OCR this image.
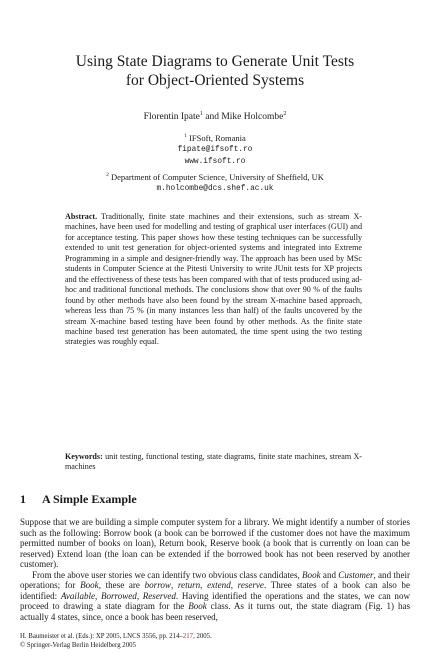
Using State Diagrams to Generate Unit Tests
for Object-Oriented Systems
Florentin Ipate$^1$ and Mike Holcombe$^2$
$^1$ IFSoft, Romania
fipate@ifsoft.ro
www.ifsoft.ro
$^2$ Department of Computer Science, University of Sheffield, UK
m.holcombe@dcs.shef.ac.uk
Abstract. Traditionally, finite state machines and their extensions, such as stream X-machines, have been used for modelling and testing of graphical user interfaces (GUI) and for acceptance testing. This paper shows how these testing techniques can be successfully extended to unit test generation for object-oriented systems and integrated into Extreme Programming in a simple and designer-friendly way. The approach has been used by MSc students in Computer Science at the Pitesti University to write JUnit tests for XP projects and the effectiveness of these tests has been compared with that of tests produced using ad-hoc and traditional functional methods. The conclusions show that over 90 % of the faults found by other methods have also been found by the stream X-machine based approach, whereas less than 75 % (in many instances less than half) of the faults uncovered by the stream X-machine based testing have been found by other methods. As the finite state machine based test generation has been automated, the time spent using the two testing strategies was roughly equal.
Keywords: unit testing, functional testing, state diagrams, finite state machines, stream X-machines
1 A Simple Example

Suppose that we are building a simple computer system for a library. We might identify a number of stories such as the following: Borrow book (a book can be borrowed if the customer does not have the maximum permitted number of books on loan), Return book, Reserve book (a book that is currently on loan can be reserved) Extend loan (the loan can be extended if the borrowed book has not been reserved by another customer).

From the above user stories we can identify two obvious class candidates, Book and Customer, and their operations; for Book, these are borrow, return, extend, reserve. Three states of a book can also be identified: Available, Borrowed, Reserved. Having identified the operations and the states, we can now proceed to drawing a state diagram for the Book class. As it turns out, the state diagram (Fig. 1) has actually 4 states, since, once a book has been reserved,

H. Baumeister et al. (Eds.): XP 2005, LNCS 3556, pp. 214–217, 2005.
© Springer-Verlag Berlin Heidelberg 2005
